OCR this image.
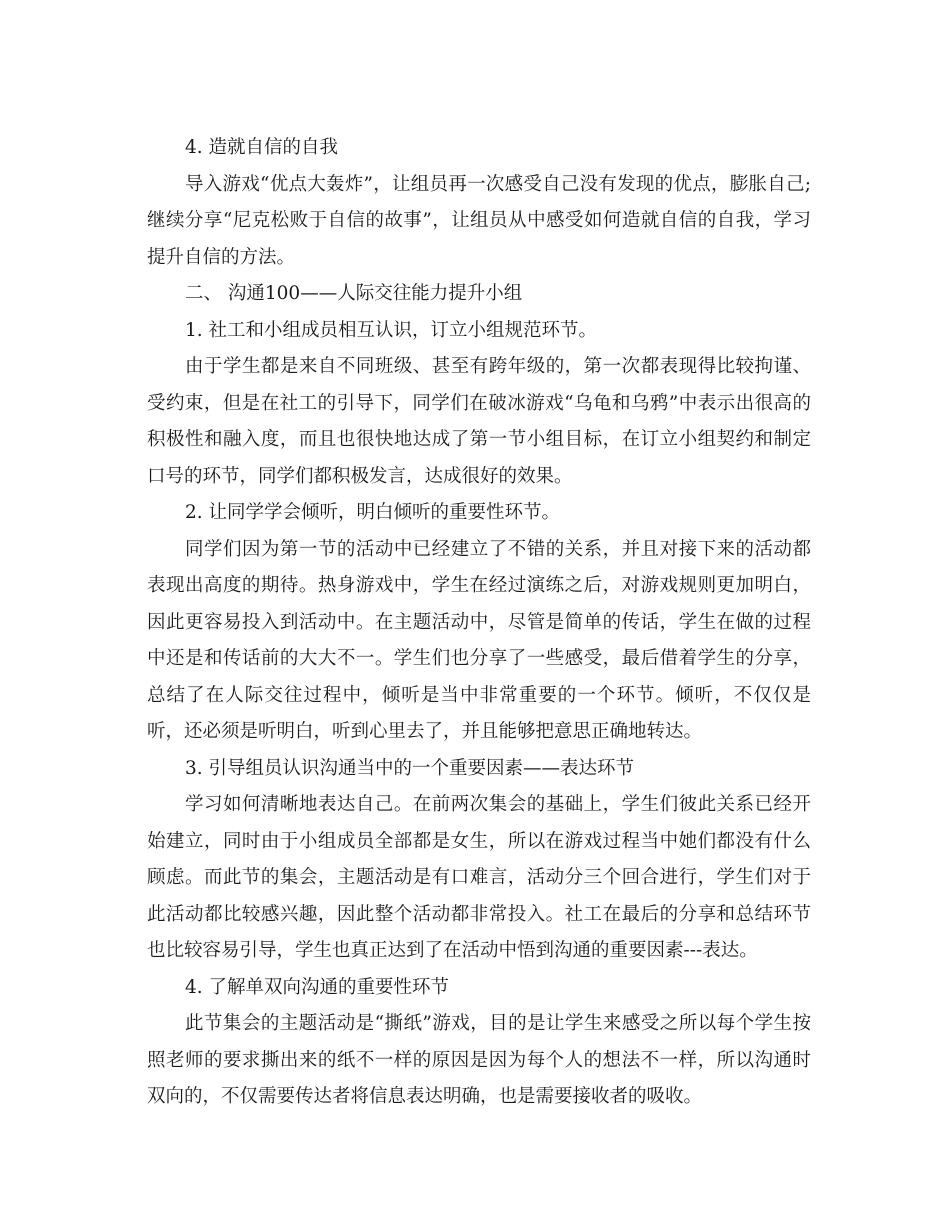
4. 造就自信的自我

导入游戏“优点大轰炸”，让组员再一次感受自己没有发现的优点，膨胀自己;继续分享“尼克松败于自信的故事”，让组员从中感受如何造就自信的自我，学习提升自信的方法。

二、 沟通100——人际交往能力提升小组

1. 社工和小组成员相互认识，订立小组规范环节。

由于学生都是来自不同班级、甚至有跨年级的，第一次都表现得比较拘谨、受约束，但是在社工的引导下，同学们在破冰游戏“乌龟和乌鸦”中表示出很高的积极性和融入度，而且也很快地达成了第一节小组目标，在订立小组契约和制定口号的环节，同学们都积极发言，达成很好的效果。

2. 让同学学会倾听，明白倾听的重要性环节。

同学们因为第一节的活动中已经建立了不错的关系，并且对接下来的活动都表现出高度的期待。热身游戏中，学生在经过演练之后，对游戏规则更加明白，因此更容易投入到活动中。在主题活动中，尽管是简单的传话，学生在做的过程中还是和传话前的大大不一。学生们也分享了一些感受，最后借着学生的分享，总结了在人际交往过程中，倾听是当中非常重要的一个环节。倾听，不仅仅是听，还必须是听明白，听到心里去了，并且能够把意思正确地转达。

3. 引导组员认识沟通当中的一个重要因素——表达环节

学习如何清晰地表达自己。在前两次集会的基础上，学生们彼此关系已经开始建立，同时由于小组成员全部都是女生，所以在游戏过程当中她们都没有什么顾虑。而此节的集会，主题活动是有口难言，活动分三个回合进行，学生们对于此活动都比较感兴趣，因此整个活动都非常投入。社工在最后的分享和总结环节也比较容易引导，学生也真正达到了在活动中悟到沟通的重要因素---表达。

4. 了解单双向沟通的重要性环节

此节集会的主题活动是“撕纸”游戏，目的是让学生来感受之所以每个学生按照老师的要求撕出来的纸不一样的原因是因为每个人的想法不一样，所以沟通时双向的，不仅需要传达者将信息表达明确，也是需要接收者的吸收。
